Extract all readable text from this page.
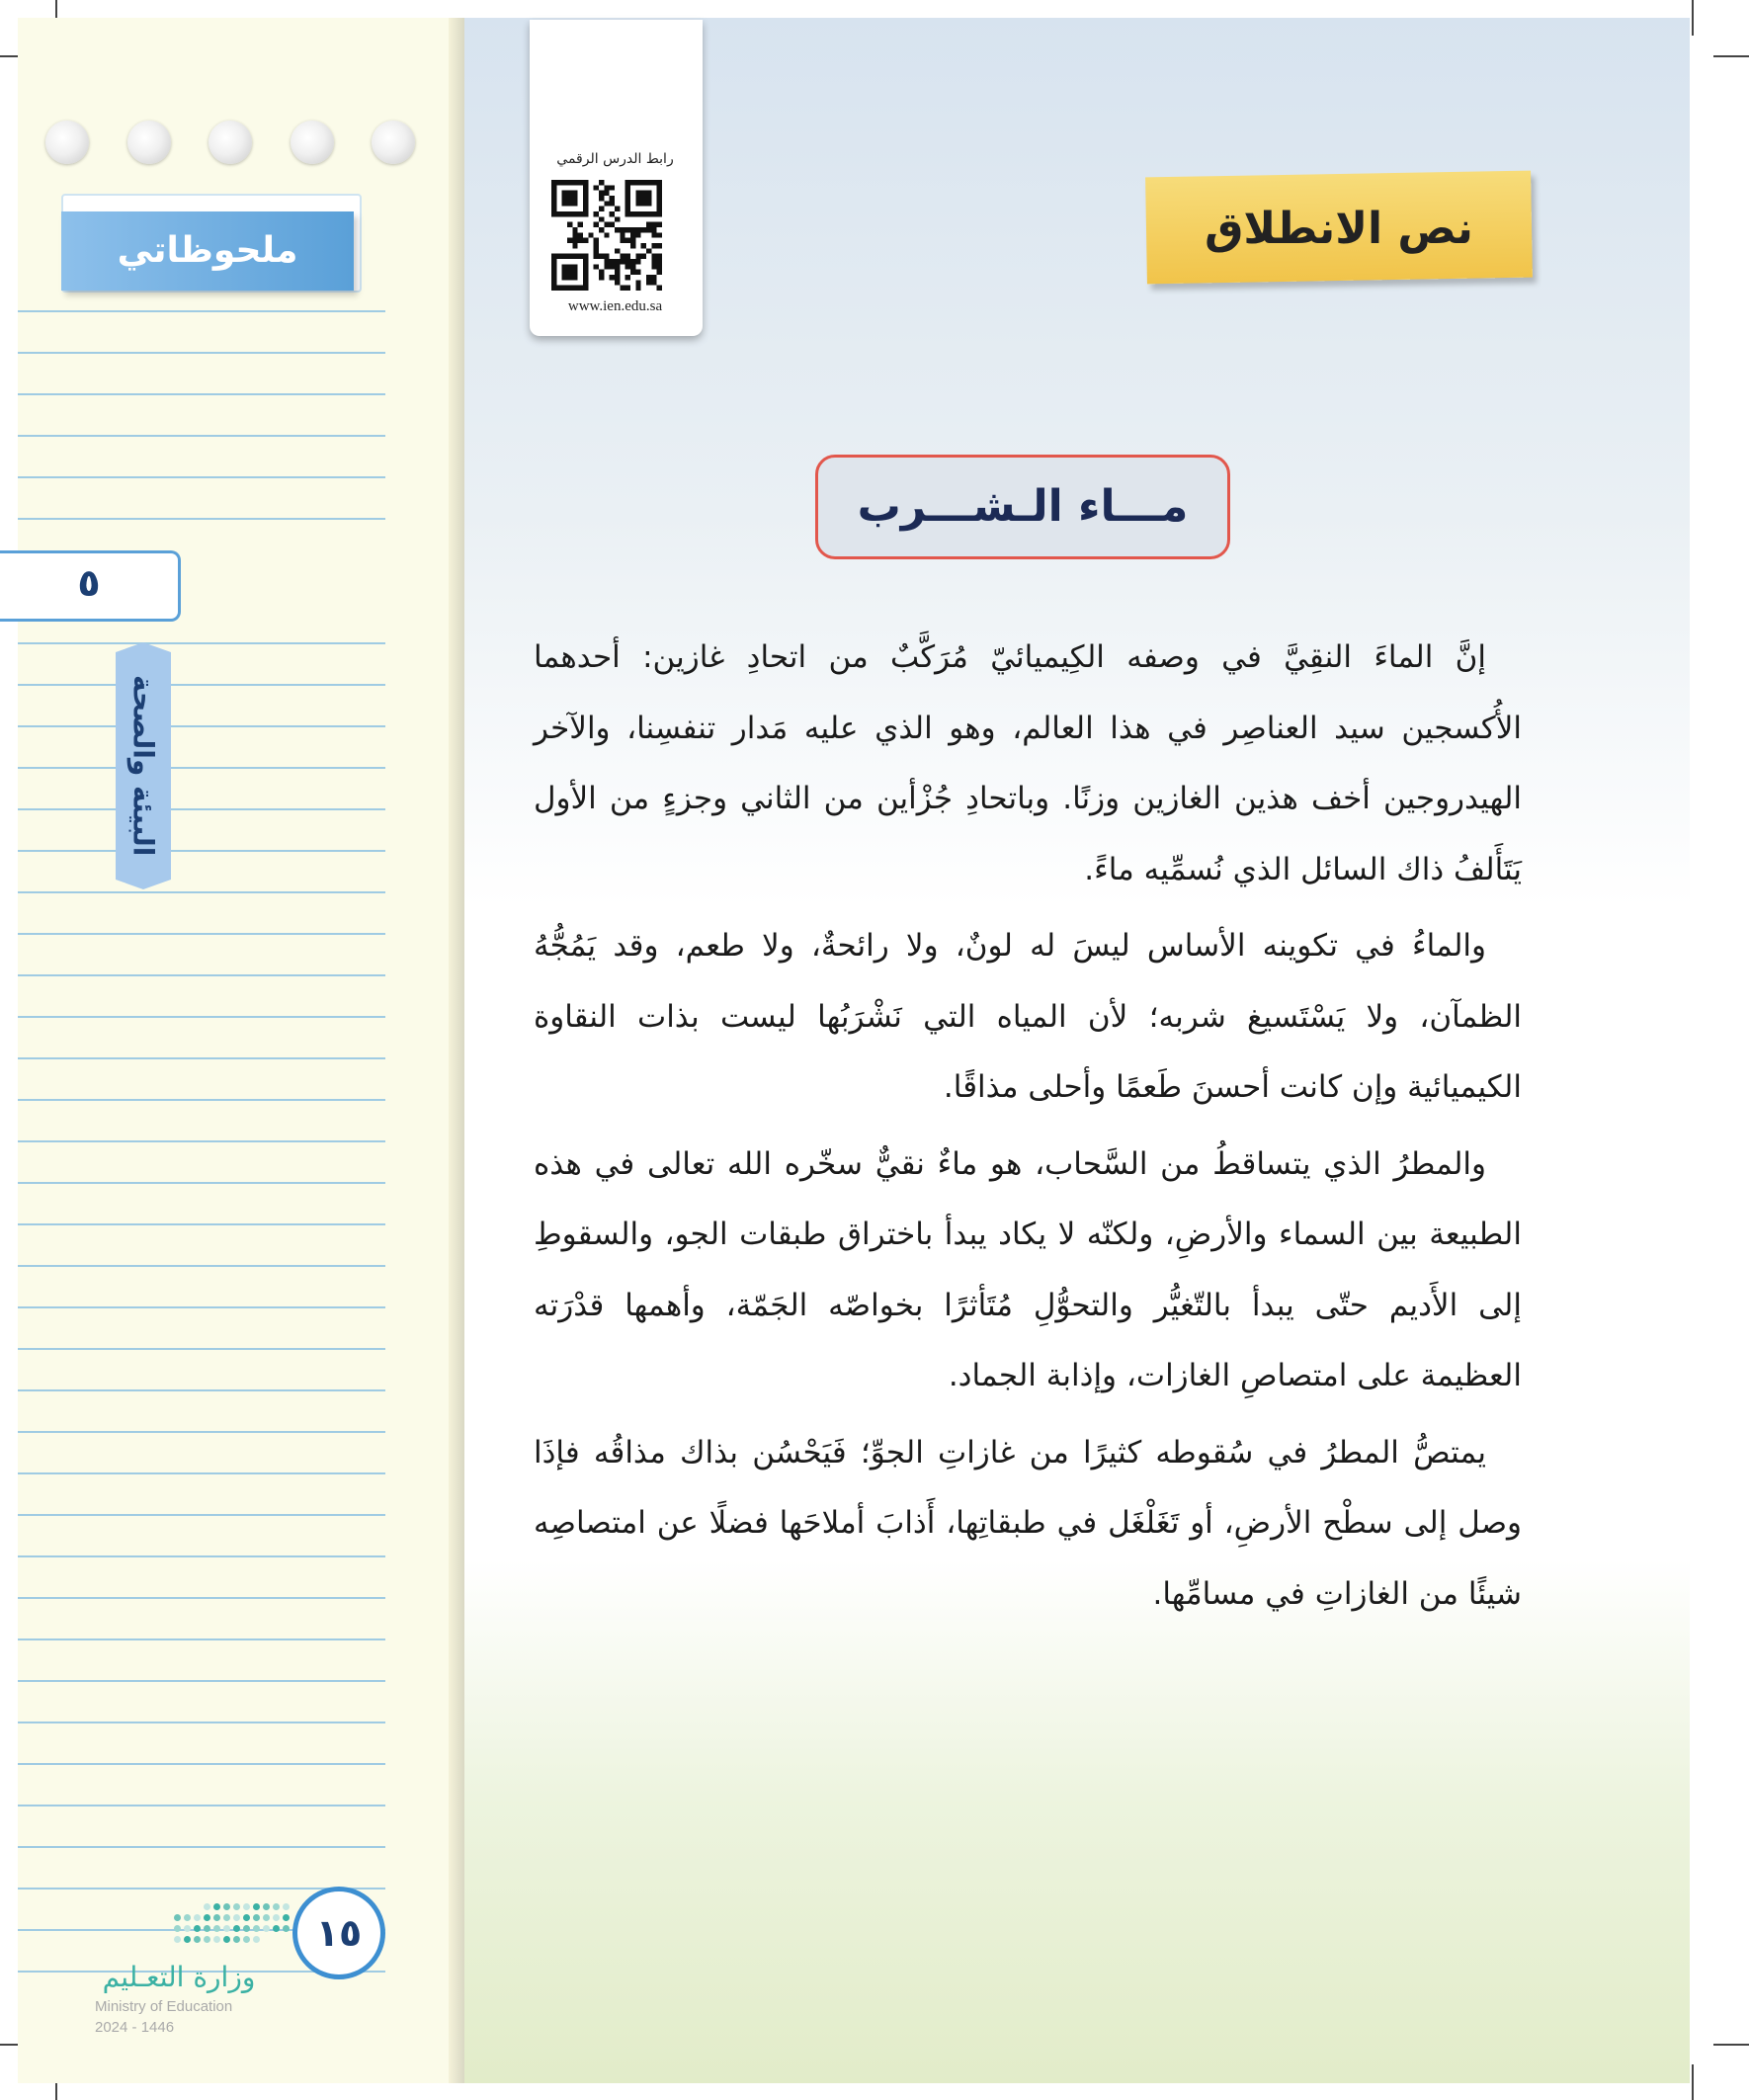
ملحوظاتي
٥
البيئة والصحة
١٥
وزارة التعـليم
Ministry of Education
2024 - 1446
رابط الدرس الرقمي
www.ien.edu.sa
نص الانطلاق
مـــاء الـشـــرب

إنَّ الماءَ النقِيَّ في وصفه الكِيميائيّ مُرَكَّبٌ من اتحادِ غازين: أحدهما الأُكسجين سيد العناصِر في هذا العالم، وهو الذي عليه مَدار تنفسِنا، والآخر الهيدروجين أخف هذين الغازين وزنًا. وباتحادِ جُزْأين من الثاني وجزءٍ من الأول يَتَأَلفُ ذاك السائل الذي نُسمِّيه ماءً.

والماءُ في تكوينه الأساس ليسَ له لونٌ، ولا رائحةٌ، ولا طعم، وقد يَمُجُّهُ الظمآن، ولا يَسْتَسيغ شربه؛ لأن المياه التي نَشْرَبُها ليست بذات النقاوة الكيميائية وإن كانت أحسنَ طَعمًا وأحلى مذاقًا.

والمطرُ الذي يتساقطُ من السَّحاب، هو ماءٌ نقيٌّ سخّره الله تعالى في هذه الطبيعة بين السماء والأرضِ، ولكنّه لا يكاد يبدأ باختراق طبقات الجو، والسقوطِ إلى الأَديم حتّى يبدأ بالتّغيُّر والتحوُّلِ مُتَأثرًا بخواصّه الجَمّة، وأهمها قدْرَته العظيمة على امتصاصِ الغازات، وإذابة الجماد.

يمتصُّ المطرُ في سُقوطه كثيرًا من غازاتِ الجوِّ؛ فَيَحْسُن بذاك مذاقُه فإذَا وصل إلى سطْح الأرضِ، أو تَغَلْغَل في طبقاتِها، أَذابَ أملاحَها فضلًا عن امتصاصِه شيئًا من الغازاتِ في مسامِّها.
